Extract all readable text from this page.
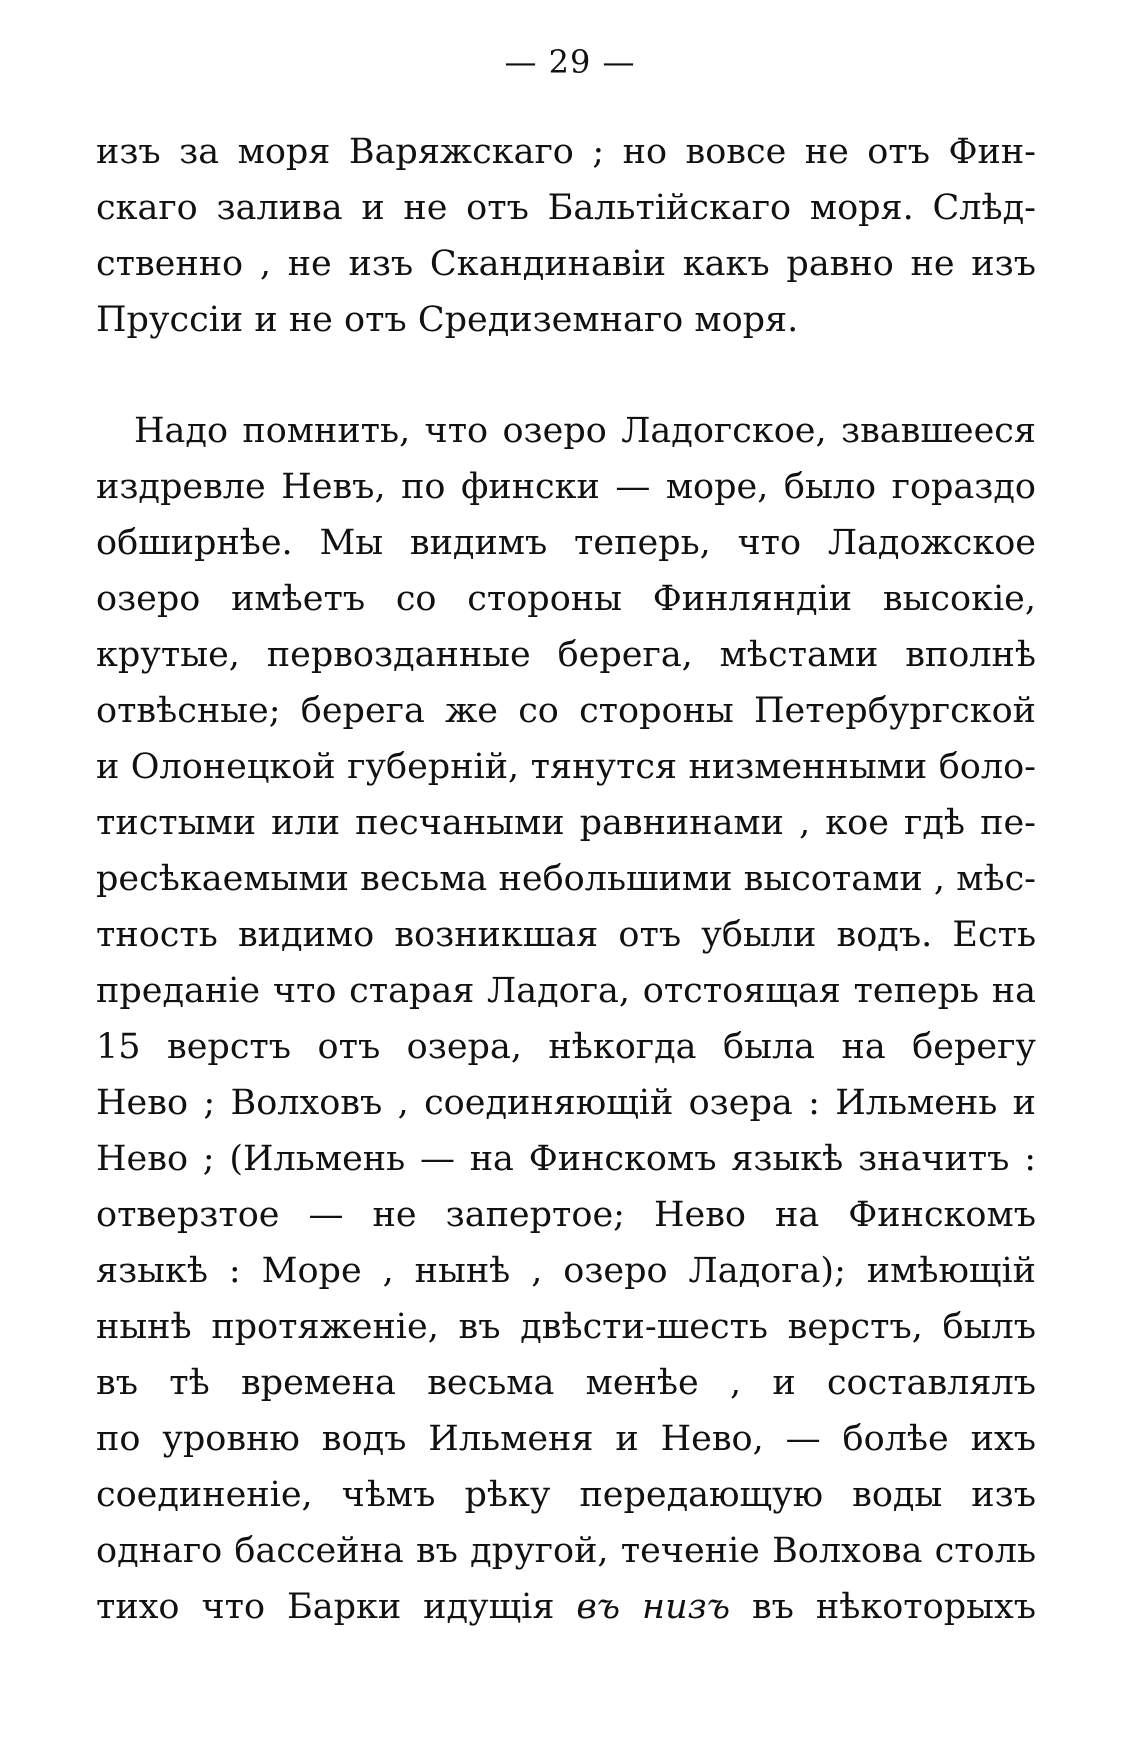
— 29 —
изъ за моря Варяжскаго ; но вовсе не отъ Фин-
скаго залива и не отъ Бальтійскаго моря. Слѣд-
ственно , не изъ Скандинавіи какъ равно не изъ
Пруссіи и не отъ Средиземнаго моря.
Надо помнить, что озеро Ладогское, звавшееся
издревле Невъ, по фински — море, было гораздо
обширнѣе. Мы видимъ теперь, что Ладожское
озеро имѣетъ со стороны Финляндіи высокіе,
крутые, первозданные берега, мѣстами вполнѣ
отвѣсные; берега же со стороны Петербургской
и Олонецкой губерній, тянутся низменными боло-
тистыми или песчаными равнинами , кое гдѣ пе-
ресѣкаемыми весьма небольшими высотами , мѣс-
тность видимо возникшая отъ убыли водъ. Есть
преданіе что старая Ладога, отстоящая теперь на
15 верстъ отъ озера, нѣкогда была на берегу
Нево ; Волховъ , соединяющій озера : Ильмень и
Нево ; (Ильмень — на Финскомъ языкѣ значитъ :
отверзтое — не запертое; Нево на Финскомъ
языкѣ : Море , нынѣ , озеро Ладога); имѣющій
нынѣ протяженіе, въ двѣсти-шесть верстъ, былъ
въ тѣ времена весьма менѣе , и составлялъ
по уровню водъ Ильменя и Нево, — болѣе ихъ
соединеніе, чѣмъ рѣку передающую воды изъ
однаго бассейна въ другой, теченіе Волхова столь
тихо что Барки идущія въ низъ въ нѣкоторыхъ
